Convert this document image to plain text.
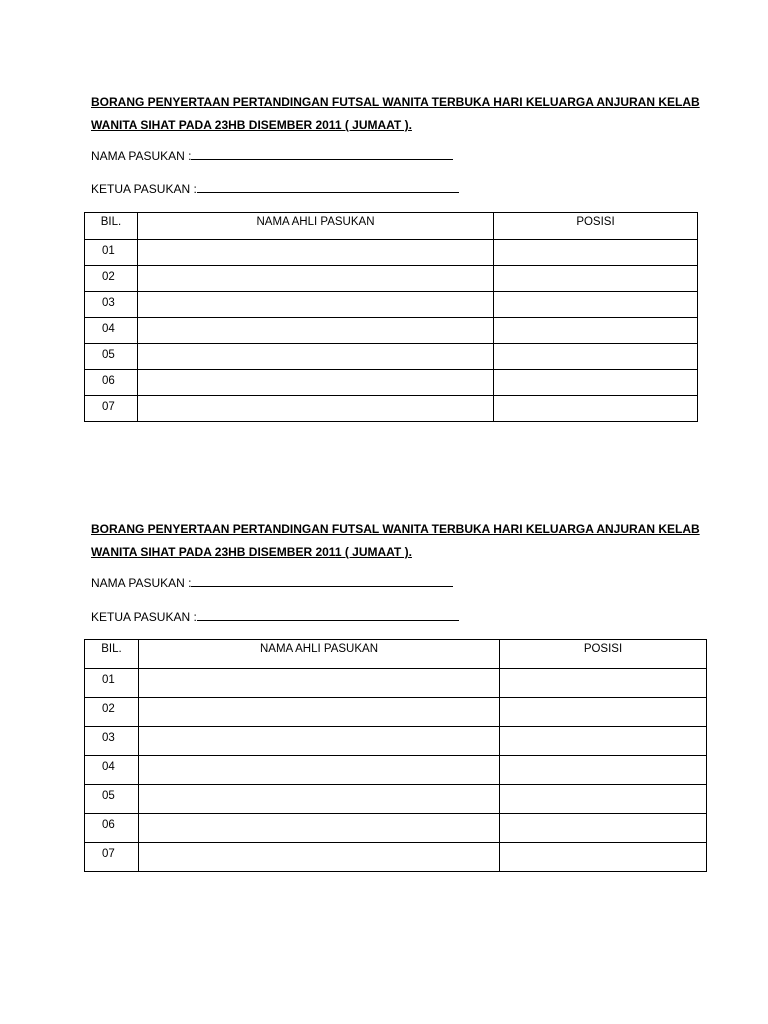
BORANG PENYERTAAN PERTANDINGAN FUTSAL WANITA TERBUKA HARI KELUARGA ANJURAN KELAB
WANITA SIHAT PADA 23HB DISEMBER 2011 ( JUMAAT ).
NAMA PASUKAN :
KETUA PASUKAN :
BIL.	NAMA AHLI PASUKAN	POSISI
01		
02		
03		
04		
05		
06		
07		
BORANG PENYERTAAN PERTANDINGAN FUTSAL WANITA TERBUKA HARI KELUARGA ANJURAN KELAB
WANITA SIHAT PADA 23HB DISEMBER 2011 ( JUMAAT ).
NAMA PASUKAN :
KETUA PASUKAN :
BIL.	NAMA AHLI PASUKAN	POSISI
01		
02		
03		
04		
05		
06		
07		
